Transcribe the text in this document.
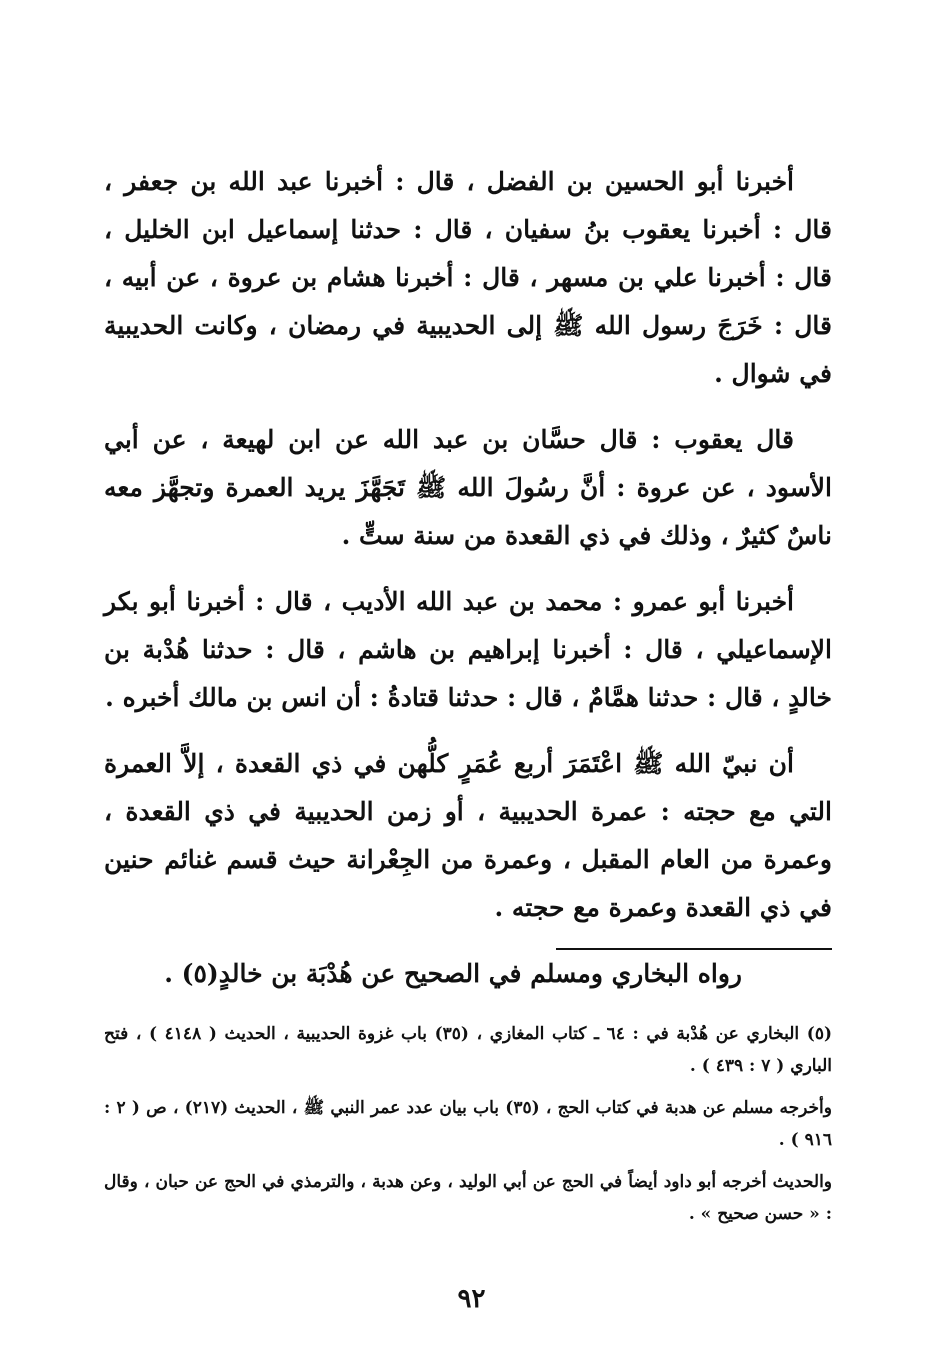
أخبرنا أبو الحسين بن الفضل ، قال : أخبرنا عبد الله بن جعفر ، قال : أخبرنا يعقوب بنُ سفيان ، قال : حدثنا إسماعيل ابن الخليل ، قال : أخبرنا علي بن مسهر ، قال : أخبرنا هشام بن عروة ، عن أبيه ، قال : خَرَجَ رسول الله ﷺ إلى الحديبية في رمضان ، وكانت الحديبية في شوال .

قال يعقوب : قال حسَّان بن عبد الله عن ابن لهيعة ، عن أبي الأسود ، عن عروة : أنَّ رسُولَ الله ﷺ تَجَهَّزَ يريد العمرة وتجهَّز معه ناسٌ كثيرٌ ، وذلك في ذي القعدة من سنة ستٍّ .

أخبرنا أبو عمرو : محمد بن عبد الله الأديب ، قال : أخبرنا أبو بكر الإسماعيلي ، قال : أخبرنا إبراهيم بن هاشم ، قال : حدثنا هُدْبة بن خالدٍ ، قال : حدثنا همَّامٌ ، قال : حدثنا قتادةُ : أن انس بن مالك أخبره .

أن نبيّ الله ﷺ اعْتَمَرَ أربع عُمَرٍ كلُّهن في ذي القعدة ، إلاَّ العمرة التي مع حجته : عمرة الحديبية ، أو زمن الحديبية في ذي القعدة ، وعمرة من العام المقبل ، وعمرة من الجِعْرانة حيث قسم غنائم حنين في ذي القعدة وعمرة مع حجته .

رواه البخاري ومسلم في الصحيح عن هُدْبَة بن خالدٍ(٥) .

(٥) البخاري عن هُدْبة في : ٦٤ ـ كتاب المغازي ، (٣٥) باب غزوة الحديبية ، الحديث ( ٤١٤٨ ) ، فتح الباري ( ٧ : ٤٣٩ ) .

وأخرجه مسلم عن هدبة في كتاب الحج ، (٣٥) باب بيان عدد عمر النبي ﷺ ، الحديث (٢١٧) ، ص ( ٢ : ٩١٦ ) .

والحديث أخرجه أبو داود أيضاً في الحج عن أبي الوليد ، وعن هدبة ، والترمذي في الحج عن حبان ، وقال : « حسن صحيح » .

٩٢
